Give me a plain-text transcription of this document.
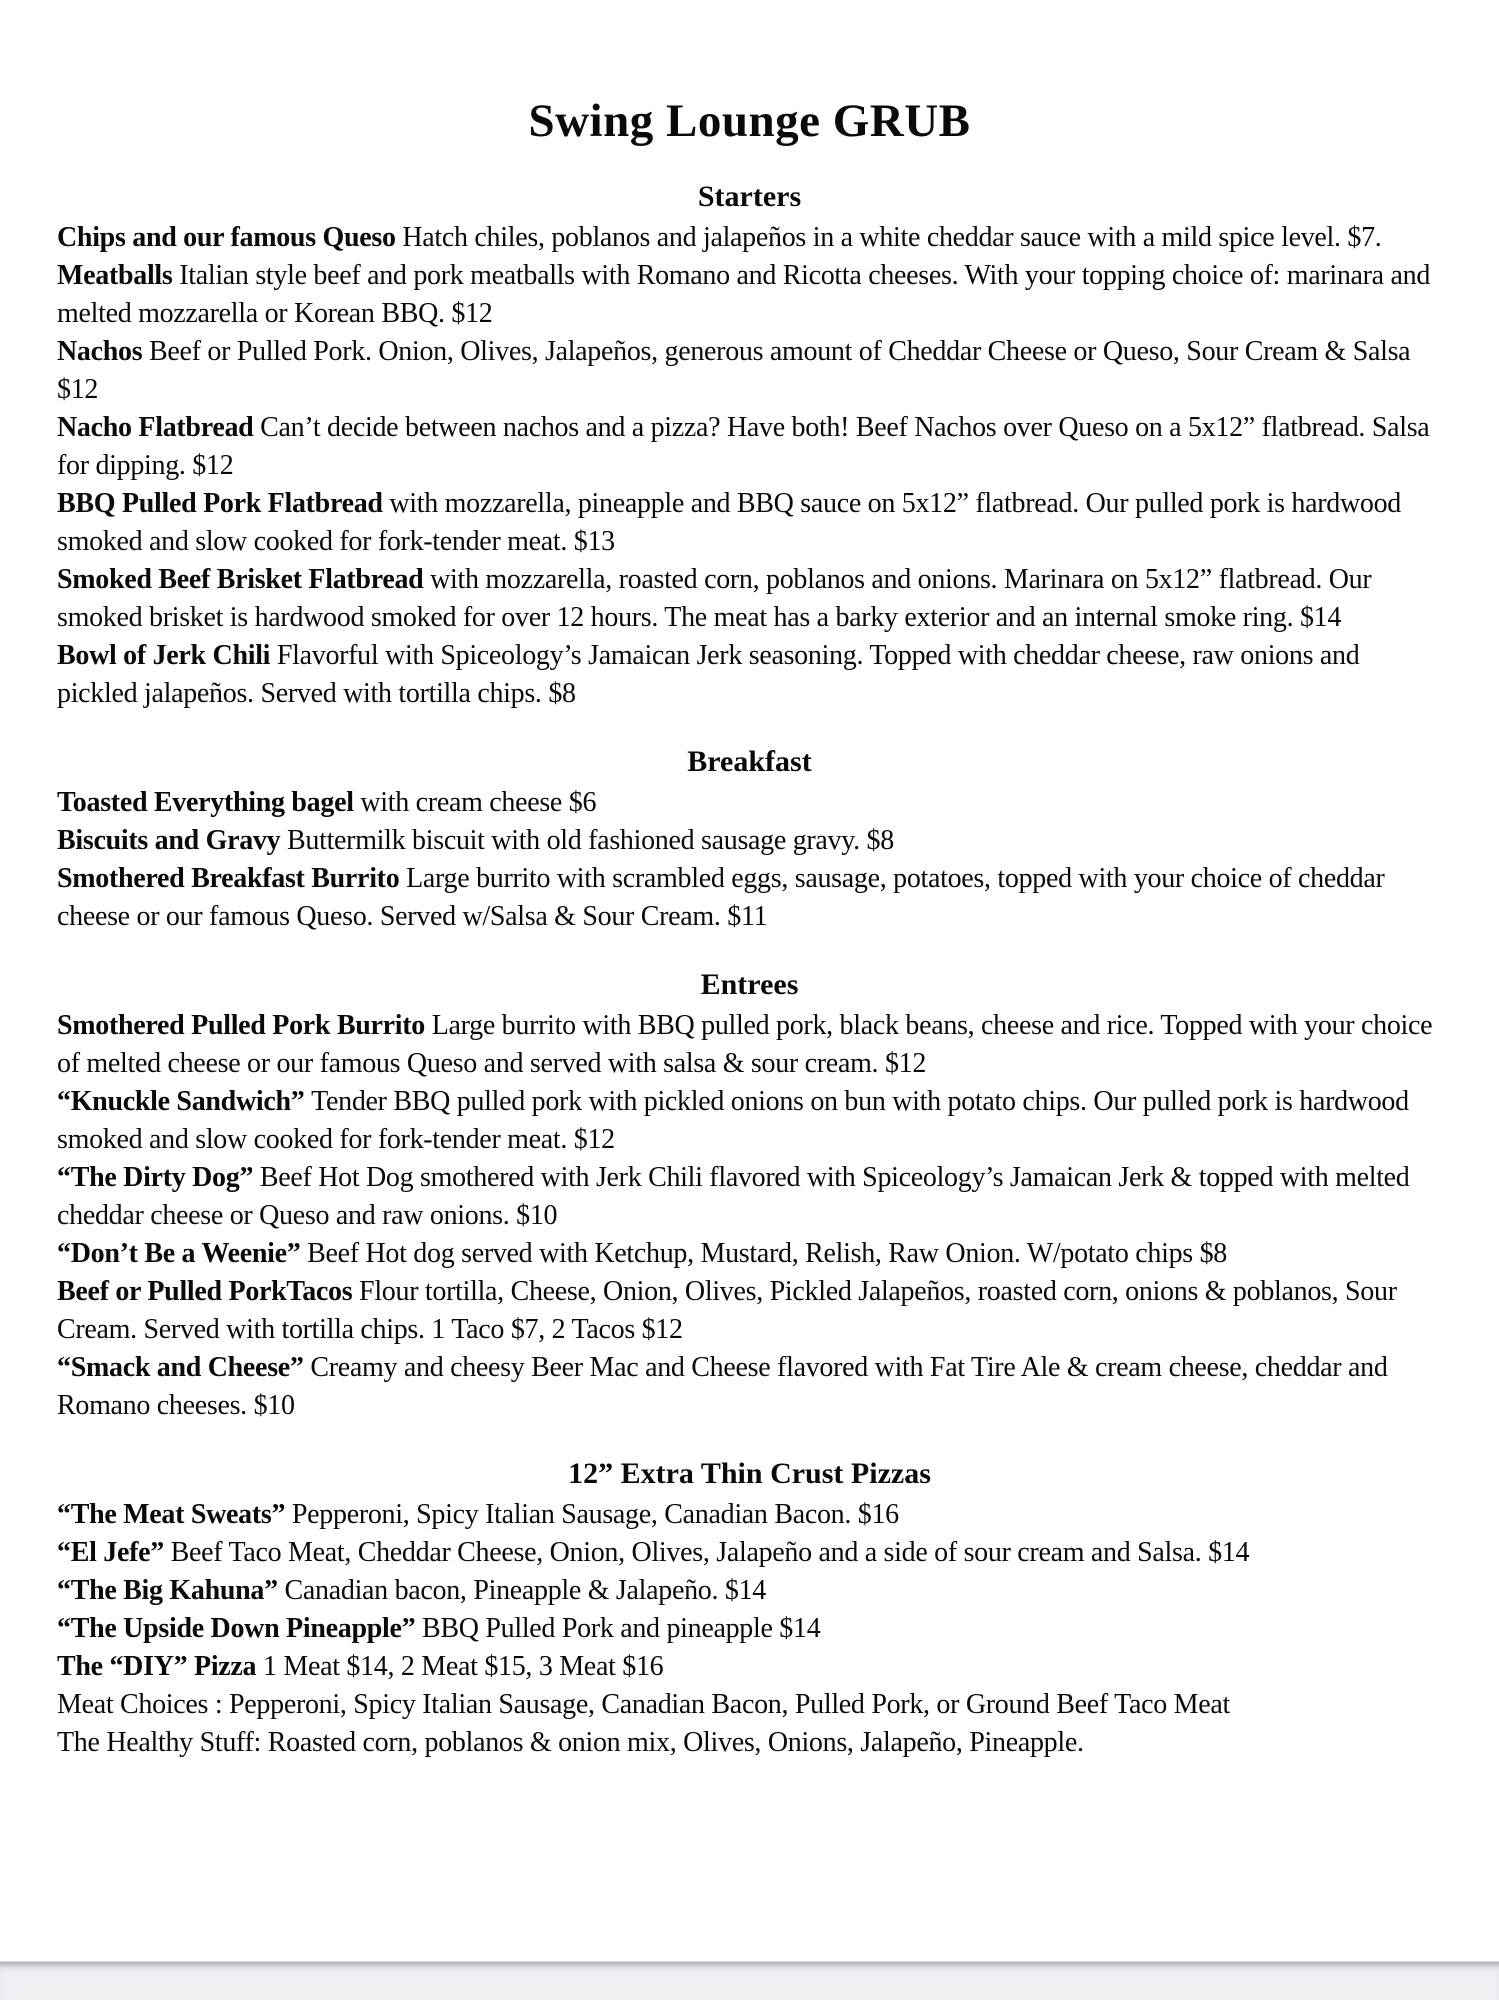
Swing Lounge GRUB
Starters

Chips and our famous Queso Hatch chiles, poblanos and jalapeños in a white cheddar sauce with a mild spice level. $7.

Meatballs Italian style beef and pork meatballs with Romano and Ricotta cheeses. With your topping choice of: marinara and melted mozzarella or Korean BBQ. $12

Nachos Beef or Pulled Pork. Onion, Olives, Jalapeños, generous amount of Cheddar Cheese or Queso, Sour Cream & Salsa $12

Nacho Flatbread Can’t decide between nachos and a pizza? Have both! Beef Nachos over Queso on a 5x12” flatbread. Salsa for dipping. $12

BBQ Pulled Pork Flatbread with mozzarella, pineapple and BBQ sauce on 5x12” flatbread. Our pulled pork is hardwood smoked and slow cooked for fork-tender meat. $13

Smoked Beef Brisket Flatbread with mozzarella, roasted corn, poblanos and onions. Marinara on 5x12” flatbread. Our smoked brisket is hardwood smoked for over 12 hours. The meat has a barky exterior and an internal smoke ring. $14

Bowl of Jerk Chili Flavorful with Spiceology’s Jamaican Jerk seasoning. Topped with cheddar cheese, raw onions and pickled jalapeños. Served with tortilla chips. $8

Breakfast

Toasted Everything bagel with cream cheese $6

Biscuits and Gravy Buttermilk biscuit with old fashioned sausage gravy. $8

Smothered Breakfast Burrito Large burrito with scrambled eggs, sausage, potatoes, topped with your choice of cheddar cheese or our famous Queso. Served w/Salsa & Sour Cream. $11

Entrees

Smothered Pulled Pork Burrito Large burrito with BBQ pulled pork, black beans, cheese and rice. Topped with your choice of melted cheese or our famous Queso and served with salsa & sour cream. $12

“Knuckle Sandwich” Tender BBQ pulled pork with pickled onions on bun with potato chips. Our pulled pork is hardwood smoked and slow cooked for fork-tender meat. $12

“The Dirty Dog” Beef Hot Dog smothered with Jerk Chili flavored with Spiceology’s Jamaican Jerk & topped with melted cheddar cheese or Queso and raw onions. $10

“Don’t Be a Weenie” Beef Hot dog served with Ketchup, Mustard, Relish, Raw Onion. W/potato chips $8

Beef or Pulled PorkTacos Flour tortilla, Cheese, Onion, Olives, Pickled Jalapeños, roasted corn, onions & poblanos, Sour Cream. Served with tortilla chips. 1 Taco $7, 2 Tacos $12

“Smack and Cheese” Creamy and cheesy Beer Mac and Cheese flavored with Fat Tire Ale & cream cheese, cheddar and Romano cheeses. $10

12” Extra Thin Crust Pizzas

“The Meat Sweats” Pepperoni, Spicy Italian Sausage, Canadian Bacon. $16

“El Jefe” Beef Taco Meat, Cheddar Cheese, Onion, Olives, Jalapeño and a side of sour cream and Salsa. $14

“The Big Kahuna” Canadian bacon, Pineapple & Jalapeño. $14

“The Upside Down Pineapple” BBQ Pulled Pork and pineapple $14

The “DIY” Pizza 1 Meat $14, 2 Meat $15, 3 Meat $16

Meat Choices : Pepperoni, Spicy Italian Sausage, Canadian Bacon, Pulled Pork, or Ground Beef Taco Meat

The Healthy Stuff: Roasted corn, poblanos & onion mix, Olives, Onions, Jalapeño, Pineapple.
